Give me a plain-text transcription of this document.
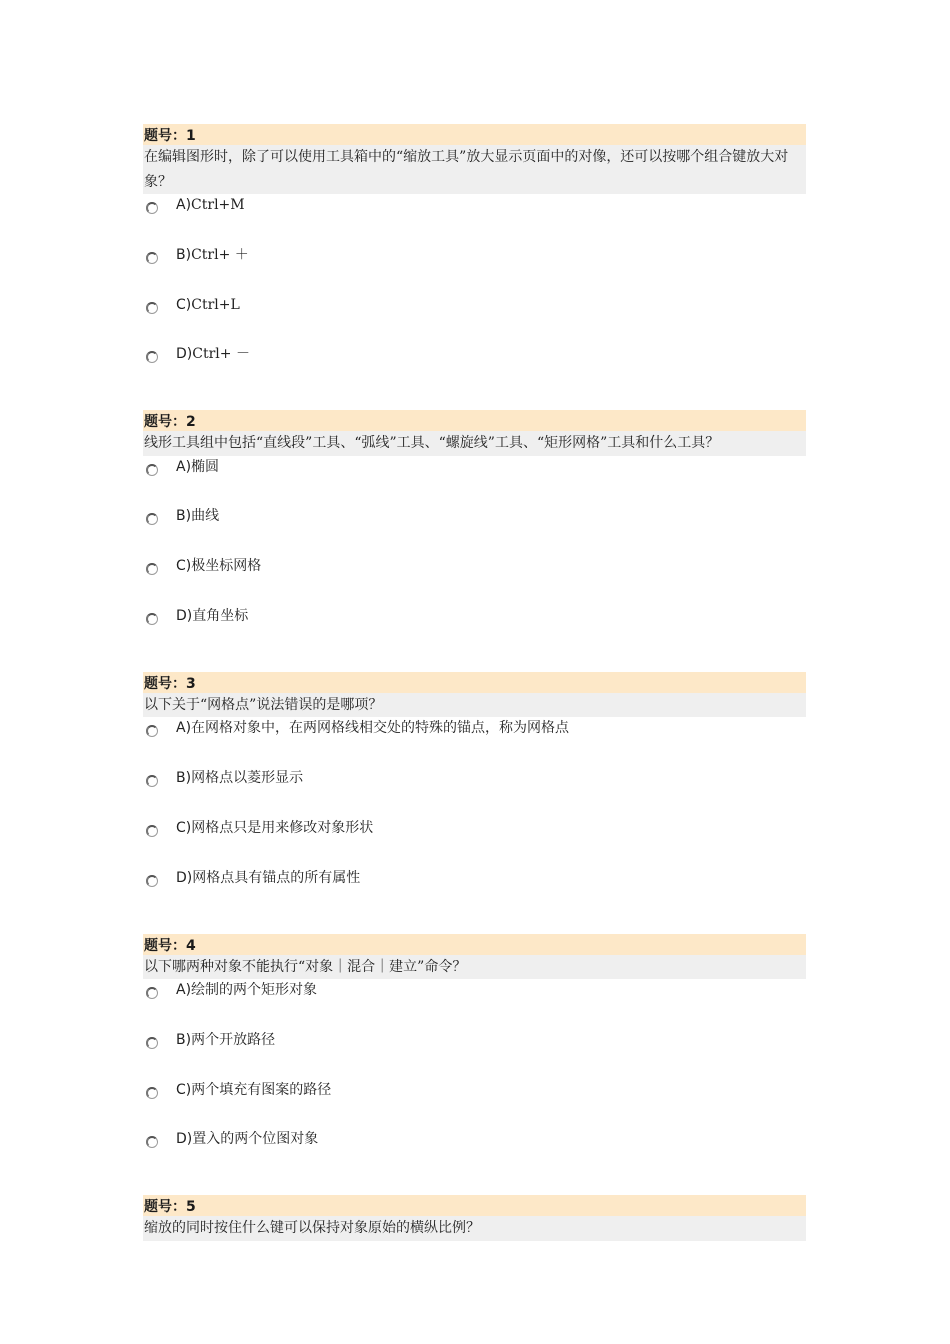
题号：1
在编辑图形时，除了可以使用工具箱中的“缩放工具”放大显示页面中的对像，还可以按哪个组合键放大对象？
A)Ctrl+M
B)Ctrl+ ＋
C)Ctrl+L
D)Ctrl+ －
题号：2
线形工具组中包括“直线段”工具、“弧线”工具、“螺旋线”工具、“矩形网格”工具和什么工具？
A)椭圆
B)曲线
C)极坐标网格
D)直角坐标
题号：3
以下关于“网格点”说法错误的是哪项？
A)在网格对象中，在两网格线相交处的特殊的锚点，称为网格点
B)网格点以菱形显示
C)网格点只是用来修改对象形状
D)网格点具有锚点的所有属性
题号：4
以下哪两种对象不能执行“对象｜混合｜建立”命令？
A)绘制的两个矩形对象
B)两个开放路径
C)两个填充有图案的路径
D)置入的两个位图对象
题号：5
缩放的同时按住什么键可以保持对象原始的横纵比例？
